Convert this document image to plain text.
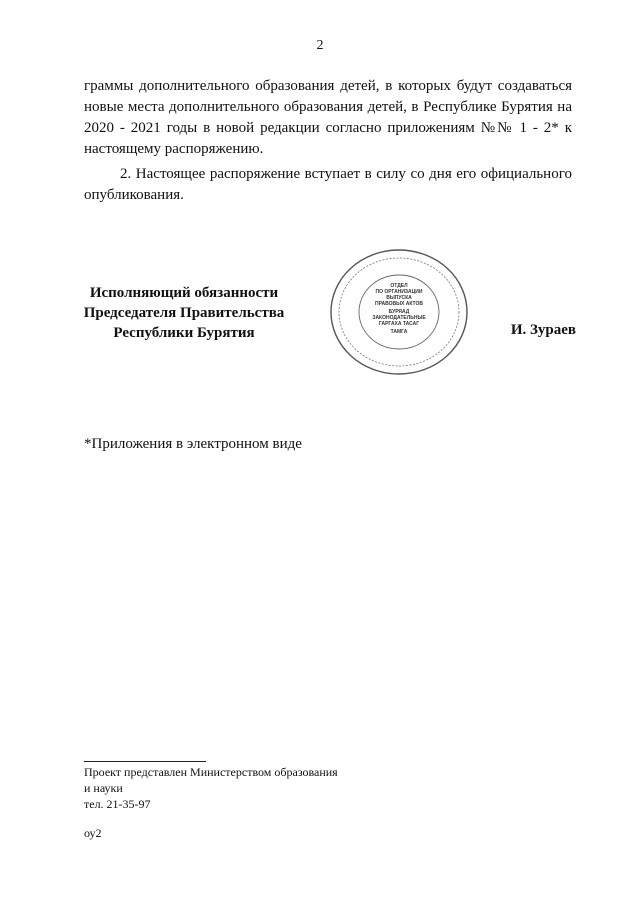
2
граммы дополнительного образования детей, в которых будут создаваться новые места дополнительного образования детей, в Республике Бурятия на 2020 - 2021 годы в новой редакции согласно приложениям №№ 1 - 2* к настоящему распоряжению.
2. Настоящее распоряжение вступает в силу со дня его официального опубликования.
Исполняющий обязанности
Председателя Правительства
Республики Бурятия
ОТДЕЛ
ПО ОРГАНИЗАЦИИ
ВЫПУСКА
ПРАВОВЫХ АКТОВ
БУРЯАД
ЗАКОНОДАТЕЛЬНЫЕ
ГАРГАХА ТАСАГ
ТАМГА	И. Зураев
*Приложения в электронном виде
Проект представлен Министерством образования
и науки
тел. 21-35-97
оу2
